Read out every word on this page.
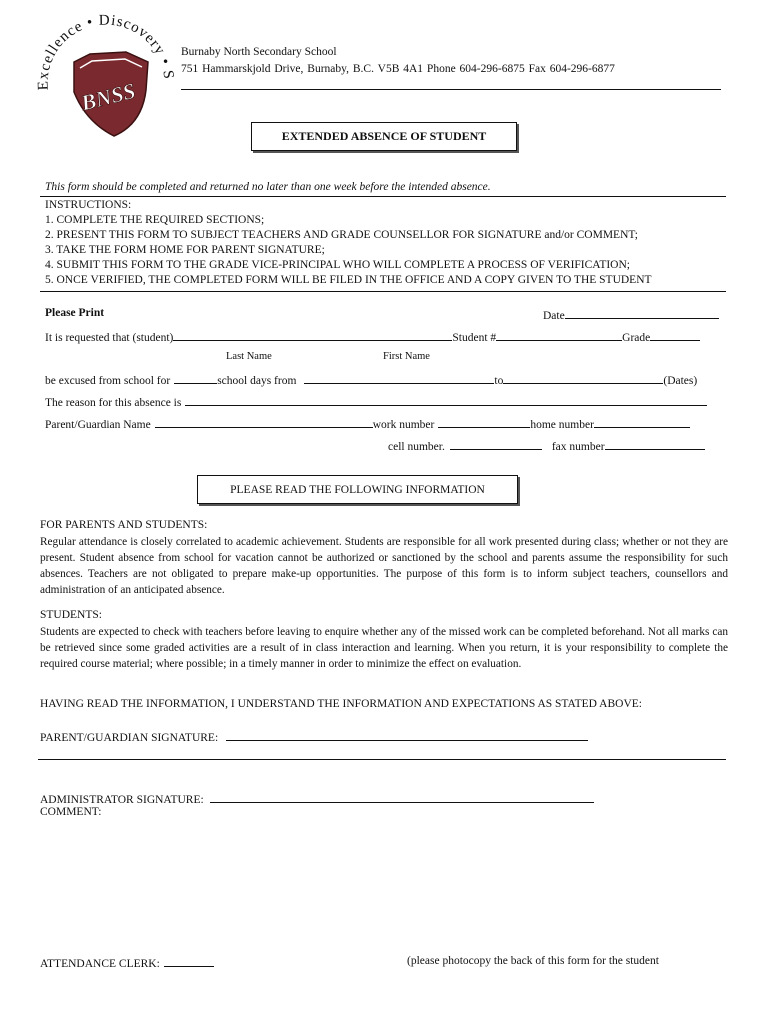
Excellence • Discovery • S
BNSS
Burnaby North Secondary School
751 Hammarskjold Drive, Burnaby, B.C. V5B 4A1 Phone 604-296-6875 Fax 604-296-6877
EXTENDED ABSENCE OF STUDENT
This form should be completed and returned no later than one week before the intended absence.
INSTRUCTIONS:
1. COMPLETE THE REQUIRED SECTIONS;
2. PRESENT THIS FORM TO SUBJECT TEACHERS AND GRADE COUNSELLOR FOR SIGNATURE and/or COMMENT;
3. TAKE THE FORM HOME FOR PARENT SIGNATURE;
4. SUBMIT THIS FORM TO THE GRADE VICE-PRINCIPAL WHO WILL COMPLETE A PROCESS OF VERIFICATION;
5. ONCE VERIFIED, THE COMPLETED FORM WILL BE FILED IN THE OFFICE AND A COPY GIVEN TO THE STUDENT
Please Print	Date
It is requested that (student)	Student #	Grade
Last Name	First Name
be excused from school for	school days from	to	(Dates)
The reason for this absence is
Parent/Guardian Name	work number	home number
cell number.	fax number
PLEASE READ THE FOLLOWING INFORMATION
FOR PARENTS AND STUDENTS:
Regular attendance is closely correlated to academic achievement. Students are responsible for all work presented during class; whether or not they are present. Student absence from school for vacation cannot be authorized or sanctioned by the school and parents assume the responsibility for such absences. Teachers are not obligated to prepare make-up opportunities. The purpose of this form is to inform subject teachers, counsellors and administration of an anticipated absence.
STUDENTS:
Students are expected to check with teachers before leaving to enquire whether any of the missed work can be completed beforehand. Not all marks can be retrieved since some graded activities are a result of in class interaction and learning. When you return, it is your responsibility to complete the required course material; where possible; in a timely manner in order to minimize the effect on evaluation.
HAVING READ THE INFORMATION, I UNDERSTAND THE INFORMATION AND EXPECTATIONS AS STATED ABOVE:
PARENT/GUARDIAN SIGNATURE:
ADMINISTRATOR SIGNATURE:
COMMENT:
ATTENDANCE CLERK:	(please photocopy the back of this form for the student
